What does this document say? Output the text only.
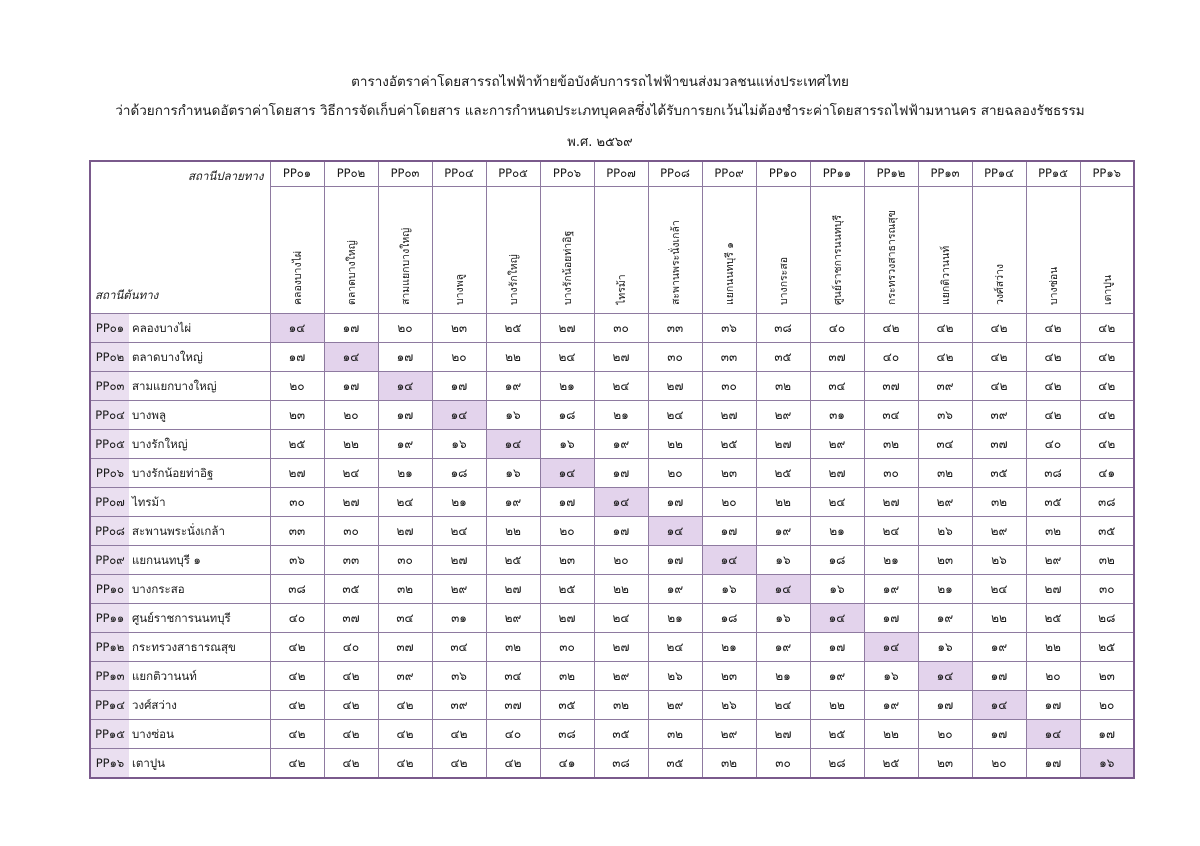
ตารางอัตราค่าโดยสารรถไฟฟ้าท้ายข้อบังคับการรถไฟฟ้าขนส่งมวลชนแห่งประเทศไทย
ว่าด้วยการกำหนดอัตราค่าโดยสาร วิธีการจัดเก็บค่าโดยสาร และการกำหนดประเภทบุคคลซึ่งได้รับการยกเว้นไม่ต้องชำระค่าโดยสารรถไฟฟ้ามหานคร สายฉลองรัชธรรม
พ.ศ. ๒๕๖๙
สถานีปลายทาง
สถานีต้นทาง	PP๐๑	PP๐๒	PP๐๓	PP๐๔	PP๐๕	PP๐๖	PP๐๗	PP๐๘	PP๐๙	PP๑๐	PP๑๑	PP๑๒	PP๑๓	PP๑๔	PP๑๕	PP๑๖

	คลองบางไผ่	ตลาดบางใหญ่	สามแยกบางใหญ่	บางพลู	บางรักใหญ่	บางรักน้อยท่าอิฐ	ไทรม้า	สะพานพระนั่งเกล้า	แยกนนทบุรี ๑	บางกระสอ	ศูนย์ราชการนนทบุรี	กระทรวงสาธารณสุข	แยกติวานนท์	วงศ์สว่าง	บางซ่อน	เตาปูน

PP๐๑ คลองบางไผ่	๑๔	๑๗	๒๐	๒๓	๒๕	๒๗	๓๐	๓๓	๓๖	๓๘	๔๐	๔๒	๔๒	๔๒	๔๒	๔๒
PP๐๒ ตลาดบางใหญ่	๑๗	๑๔	๑๗	๒๐	๒๒	๒๔	๒๗	๓๐	๓๓	๓๕	๓๗	๔๐	๔๒	๔๒	๔๒	๔๒
PP๐๓ สามแยกบางใหญ่	๒๐	๑๗	๑๔	๑๗	๑๙	๒๑	๒๔	๒๗	๓๐	๓๒	๓๔	๓๗	๓๙	๔๒	๔๒	๔๒
PP๐๔ บางพลู	๒๓	๒๐	๑๗	๑๔	๑๖	๑๘	๒๑	๒๔	๒๗	๒๙	๓๑	๓๔	๓๖	๓๙	๔๒	๔๒
PP๐๕ บางรักใหญ่	๒๕	๒๒	๑๙	๑๖	๑๔	๑๖	๑๙	๒๒	๒๕	๒๗	๒๙	๓๒	๓๔	๓๗	๔๐	๔๒
PP๐๖ บางรักน้อยท่าอิฐ	๒๗	๒๔	๒๑	๑๘	๑๖	๑๔	๑๗	๒๐	๒๓	๒๕	๒๗	๓๐	๓๒	๓๕	๓๘	๔๑
PP๐๗ ไทรม้า	๓๐	๒๗	๒๔	๒๑	๑๙	๑๗	๑๔	๑๗	๒๐	๒๒	๒๔	๒๗	๒๙	๓๒	๓๕	๓๘
PP๐๘ สะพานพระนั่งเกล้า	๓๓	๓๐	๒๗	๒๔	๒๒	๒๐	๑๗	๑๔	๑๗	๑๙	๒๑	๒๔	๒๖	๒๙	๓๒	๓๕
PP๐๙ แยกนนทบุรี ๑	๓๖	๓๓	๓๐	๒๗	๒๕	๒๓	๒๐	๑๗	๑๔	๑๖	๑๘	๒๑	๒๓	๒๖	๒๙	๓๒
PP๑๐ บางกระสอ	๓๘	๓๕	๓๒	๒๙	๒๗	๒๕	๒๒	๑๙	๑๖	๑๔	๑๖	๑๙	๒๑	๒๔	๒๗	๓๐
PP๑๑ ศูนย์ราชการนนทบุรี	๔๐	๓๗	๓๔	๓๑	๒๙	๒๗	๒๔	๒๑	๑๘	๑๖	๑๔	๑๗	๑๙	๒๒	๒๕	๒๘
PP๑๒ กระทรวงสาธารณสุข	๔๒	๔๐	๓๗	๓๔	๓๒	๓๐	๒๗	๒๔	๒๑	๑๙	๑๗	๑๔	๑๖	๑๙	๒๒	๒๕
PP๑๓ แยกติวานนท์	๔๒	๔๒	๓๙	๓๖	๓๔	๓๒	๒๙	๒๖	๒๓	๒๑	๑๙	๑๖	๑๔	๑๗	๒๐	๒๓
PP๑๔ วงศ์สว่าง	๔๒	๔๒	๔๒	๓๙	๓๗	๓๕	๓๒	๒๙	๒๖	๒๔	๒๒	๑๙	๑๗	๑๔	๑๗	๒๐
PP๑๕ บางซ่อน	๔๒	๔๒	๔๒	๔๒	๔๐	๓๘	๓๕	๓๒	๒๙	๒๗	๒๕	๒๒	๒๐	๑๗	๑๔	๑๗
PP๑๖ เตาปูน	๔๒	๔๒	๔๒	๔๒	๔๒	๔๑	๓๘	๓๕	๓๒	๓๐	๒๘	๒๕	๒๓	๒๐	๑๗	๑๖
